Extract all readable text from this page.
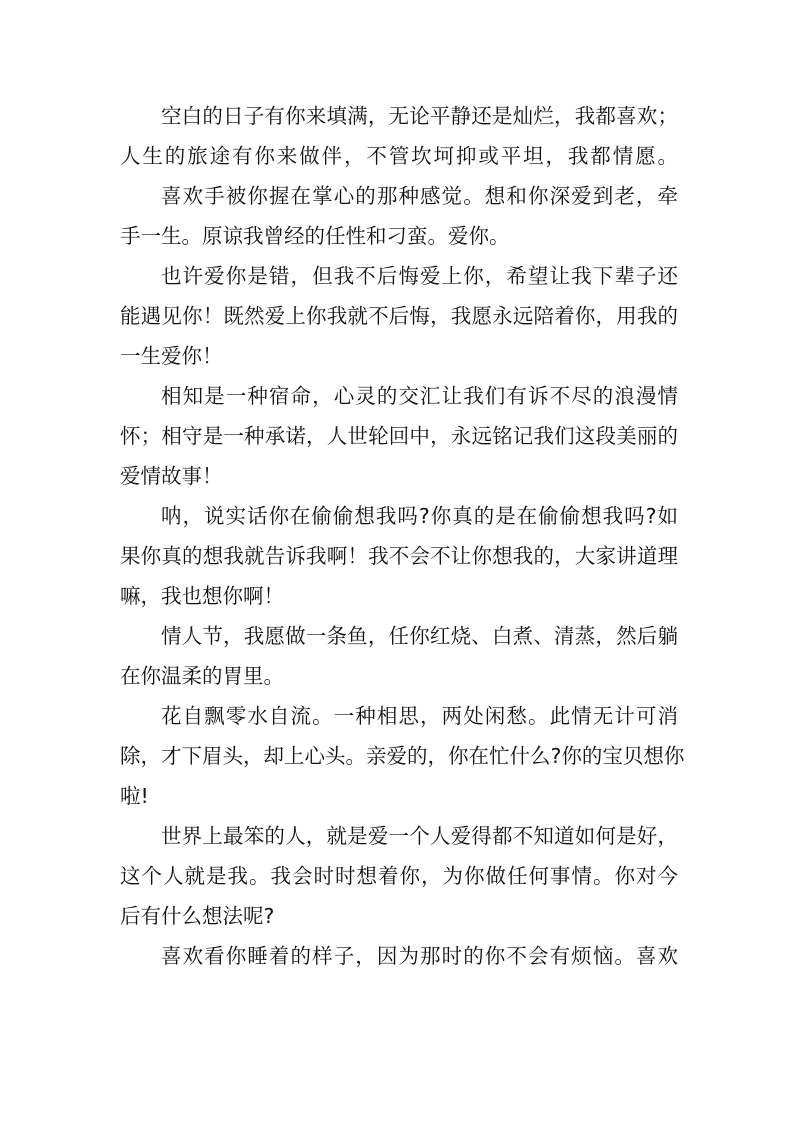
空白的日子有你来填满，无论平静还是灿烂，我都喜欢；
人生的旅途有你来做伴，不管坎坷抑或平坦，我都情愿。
喜欢手被你握在掌心的那种感觉。想和你深爱到老，牵
手一生。原谅我曾经的任性和刁蛮。爱你。
也许爱你是错，但我不后悔爱上你，希望让我下辈子还
能遇见你！既然爱上你我就不后悔，我愿永远陪着你，用我的
一生爱你！
相知是一种宿命，心灵的交汇让我们有诉不尽的浪漫情
怀；相守是一种承诺，人世轮回中，永远铭记我们这段美丽的
爱情故事！
呐，说实话你在偷偷想我吗?你真的是在偷偷想我吗?如
果你真的想我就告诉我啊！我不会不让你想我的，大家讲道理
嘛，我也想你啊！
情人节，我愿做一条鱼，任你红烧、白煮、清蒸，然后躺
在你温柔的胃里。
花自飘零水自流。一种相思，两处闲愁。此情无计可消
除，才下眉头，却上心头。亲爱的，你在忙什么?你的宝贝想你
啦!
世界上最笨的人，就是爱一个人爱得都不知道如何是好，
这个人就是我。我会时时想着你，为你做任何事情。你对今
后有什么想法呢?
喜欢看你睡着的样子，因为那时的你不会有烦恼。喜欢
